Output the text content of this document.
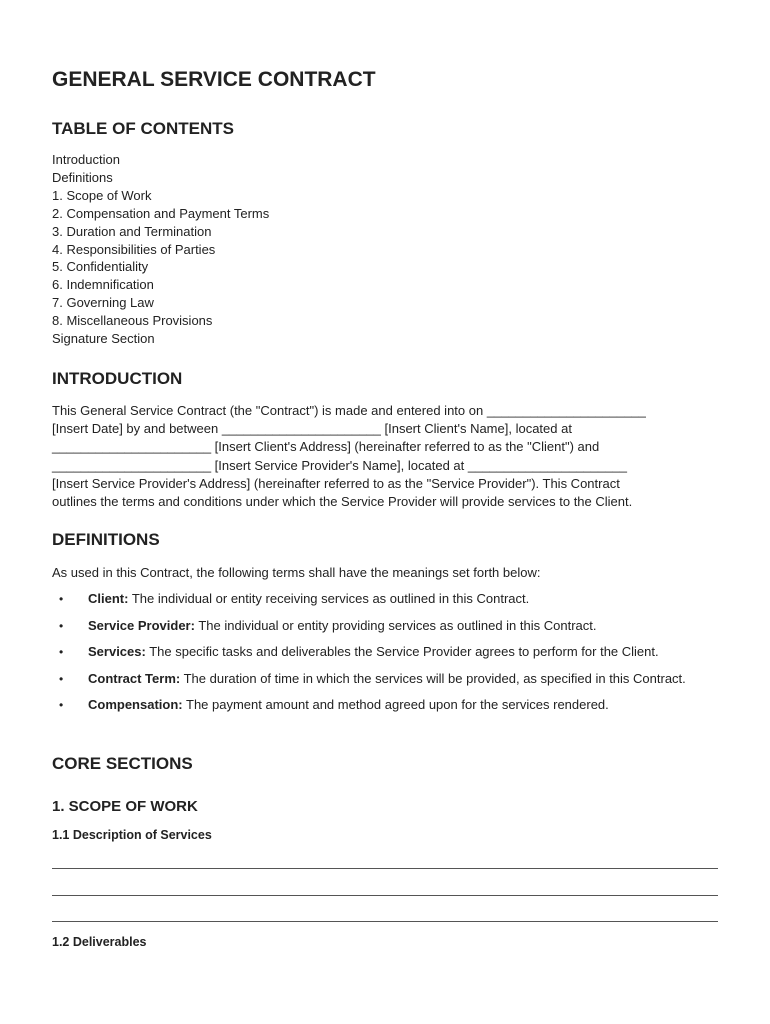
GENERAL SERVICE CONTRACT
TABLE OF CONTENTS
Introduction
Definitions
1. Scope of Work
2. Compensation and Payment Terms
3. Duration and Termination
4. Responsibilities of Parties
5. Confidentiality
6. Indemnification
7. Governing Law
8. Miscellaneous Provisions
Signature Section
INTRODUCTION

This General Service Contract (the "Contract") is made and entered into on ______________________
[Insert Date] by and between ______________________ [Insert Client's Name], located at
______________________ [Insert Client's Address] (hereinafter referred to as the "Client") and
______________________ [Insert Service Provider's Name], located at ______________________
[Insert Service Provider's Address] (hereinafter referred to as the "Service Provider"). This Contract
outlines the terms and conditions under which the Service Provider will provide services to the Client.

DEFINITIONS

As used in this Contract, the following terms shall have the meanings set forth below:

• Client: The individual or entity receiving services as outlined in this Contract.
• Service Provider: The individual or entity providing services as outlined in this Contract.
• Services: The specific tasks and deliverables the Service Provider agrees to perform for the Client.
• Contract Term: The duration of time in which the services will be provided, as specified in this Contract.
• Compensation: The payment amount and method agreed upon for the services rendered.
CORE SECTIONS
1. SCOPE OF WORK
1.1 Description of Services
1.2 Deliverables
